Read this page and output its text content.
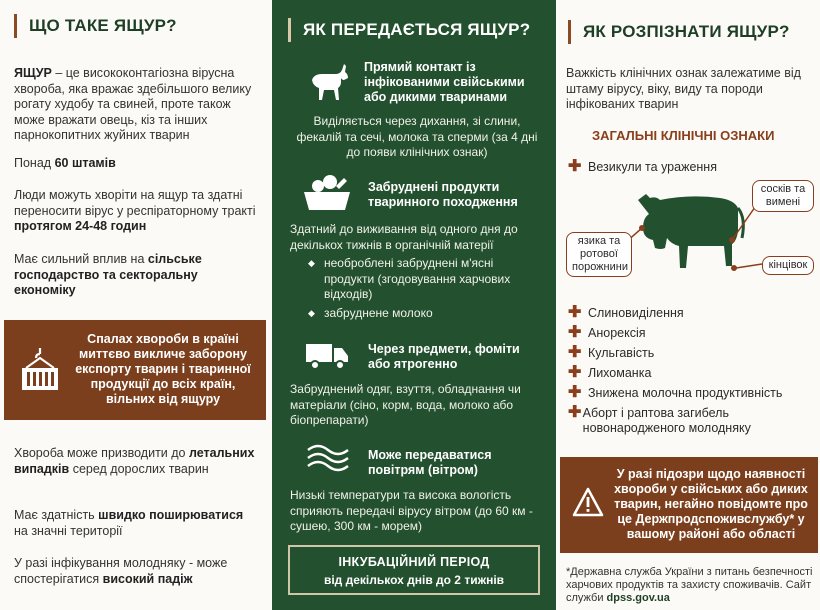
ЩО ТАКЕ ЯЩУР?
ЯЩУР – це висококонтагіозна вірусна хвороба, яка вражає здебільшого велику рогату худобу та свиней, проте також може вражати овець, кіз та інших парнокопитних жуйних тварин
Понад 60 штамів
Люди можуть хворіти на ящур та здатні переносити вірус у респіраторному тракті протягом 24-48 годин
Має сильний вплив на сільське господарство та секторальну економіку
Спалах хвороби в країні миттєво викличе заборону експорту тварин і тваринної продукції до всіх країн, вільних від ящуру
Хвороба може призводити до летальних випадків серед дорослих тварин
Має здатність швидко поширюватися на значні території
У разі інфікування молодняку - може спостерігатися високий падіж
ЯК ПЕРЕДАЄТЬСЯ ЯЩУР?
Прямий контакт із інфікованими свійськими або дикими тваринами
Виділяється через дихання, зі слини, фекалій та сечі, молока та сперми (за 4 дні до появи клінічних ознак)
Забруднені продукти тваринного походження
Здатний до виживання від одного дня до декількох тижнів в органічній матерії
◆ необроблені забруднені м'ясні продукти (згодовування харчових відходів)
◆ забруднене молоко
Через предмети, фоміти або ятрогенно
Забруднений одяг, взуття, обладнання чи матеріали (сіно, корм, вода, молоко або біопрепарати)
Може передаватися повітрям (вітром)
Низькі температури та висока вологість сприяють передачі вірусу вітром (до 60 км - сушею, 300 км - морем)
ІНКУБАЦІЙНИЙ ПЕРІОД
від декількох днів до 2 тижнів
ЯК РОЗПІЗНАТИ ЯЩУР?
Важкість клінічних ознак залежатиме від штаму вірусу, віку, виду та породи інфікованих тварин
ЗАГАЛЬНІ КЛІНІЧНІ ОЗНАКИ
✚ Везикули та ураження
сосків та вимені
язика та ротової порожнини	кінцівок
✚ Слиновиділення
✚ Анорексія
✚ Кульгавість
✚ Лихоманка
✚ Знижена молочна продуктивність
✚ Аборт і раптова загибель новонародженого молодняку
У разі підозри щодо наявності хвороби у свійських або диких тварин, негайно повідомте про це Держпродспоживслужбу* у вашому районі або області
*Державна служба України з питань безпечності харчових продуктів та захисту споживачів. Сайт служби dpss.gov.ua
